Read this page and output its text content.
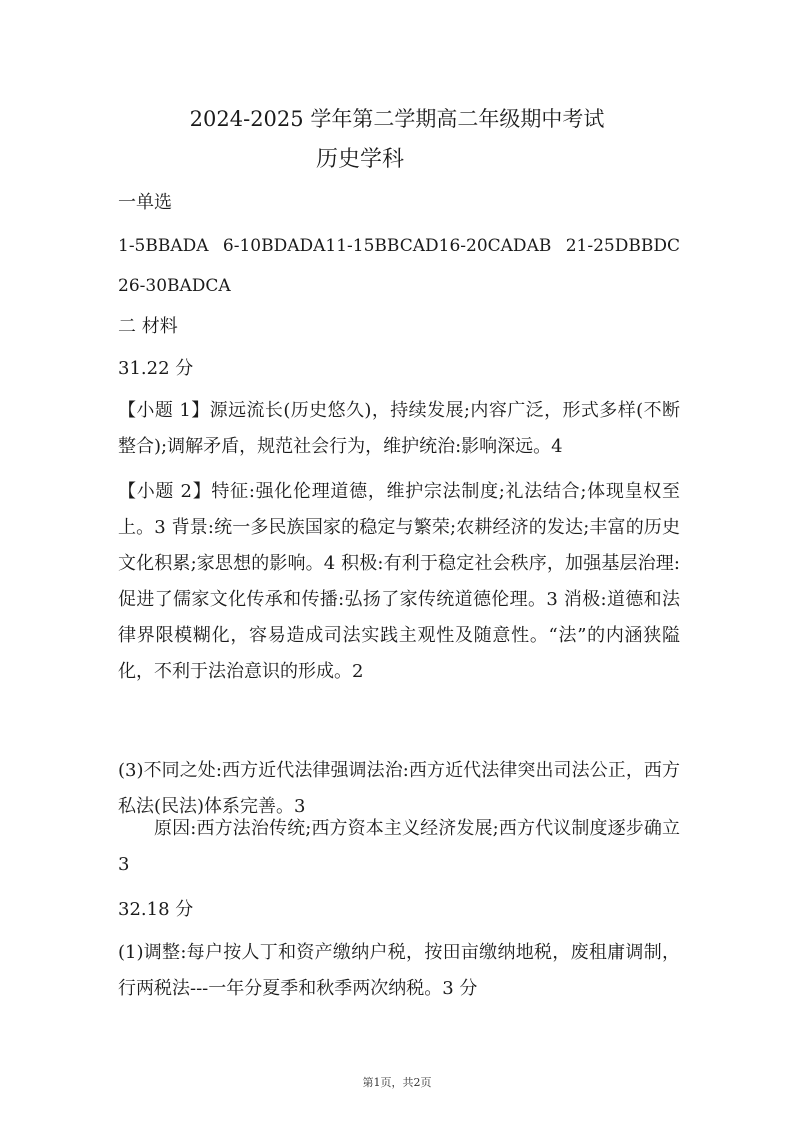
2024-2025 学年第二学期高二年级期中考试
历史学科
一单选
1-5BBADA 6-10BDADA11-15BBCAD16-20CADAB 21-25DBBDC
26-30BADCA
二 材料
31.22 分
【小题 1】源远流长(历史悠久)，持续发展;内容广泛，形式多样(不断整合);调解矛盾，规范社会行为，维护统治:影响深远。4
【小题 2】特征:强化伦理道德，维护宗法制度;礼法结合;体现皇权至上。3 背景:统一多民族国家的稳定与繁荣;农耕经济的发达;丰富的历史文化积累;家思想的影响。4 积极:有利于稳定社会秩序，加强基层治理:促进了儒家文化传承和传播:弘扬了家传统道德伦理。3 消极:道德和法律界限模糊化，容易造成司法实践主观性及随意性。“法”的内涵狭隘化，不利于法治意识的形成。2
(3)不同之处:西方近代法律强调法治:西方近代法律突出司法公正，西方私法(民法)体系完善。3
原因:西方法治传统;西方资本主义经济发展;西方代议制度逐步确立 3
32.18 分
(1)调整:每户按人丁和资产缴纳户税，按田亩缴纳地税，废租庸调制，行两税法---一年分夏季和秋季两次纳税。3 分
第1页，共2页
